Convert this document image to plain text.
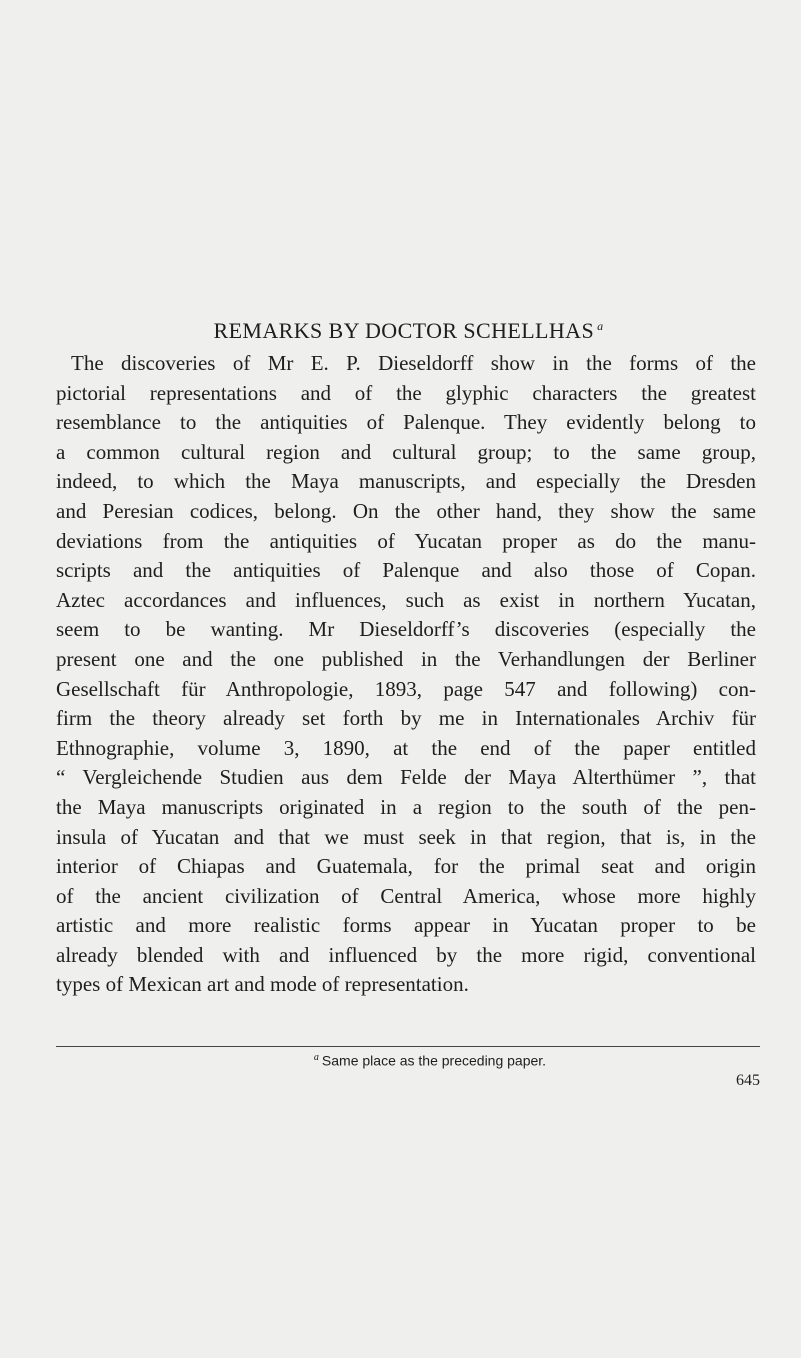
REMARKS BY DOCTOR SCHELLHAS $^a$
The discoveries of Mr E. P. Dieseldorff show in the forms of the
pictorial representations and of the glyphic characters the greatest
resemblance to the antiquities of Palenque. They evidently belong to
a common cultural region and cultural group; to the same group,
indeed, to which the Maya manuscripts, and especially the Dresden
and Peresian codices, belong. On the other hand, they show the same
deviations from the antiquities of Yucatan proper as do the manu-
scripts and the antiquities of Palenque and also those of Copan.
Aztec accordances and influences, such as exist in northern Yucatan,
seem to be wanting. Mr Dieseldorff’s discoveries (especially the
present one and the one published in the Verhandlungen der Berliner
Gesellschaft für Anthropologie, 1893, page 547 and following) con-
firm the theory already set forth by me in Internationales Archiv für
Ethnographie, volume 3, 1890, at the end of the paper entitled
“ Vergleichende Studien aus dem Felde der Maya Alterthümer ”, that
the Maya manuscripts originated in a region to the south of the pen-
insula of Yucatan and that we must seek in that region, that is, in the
interior of Chiapas and Guatemala, for the primal seat and origin
of the ancient civilization of Central America, whose more highly
artistic and more realistic forms appear in Yucatan proper to be
already blended with and influenced by the more rigid, conventional
types of Mexican art and mode of representation.
$^a$ Same place as the preceding paper.
645
